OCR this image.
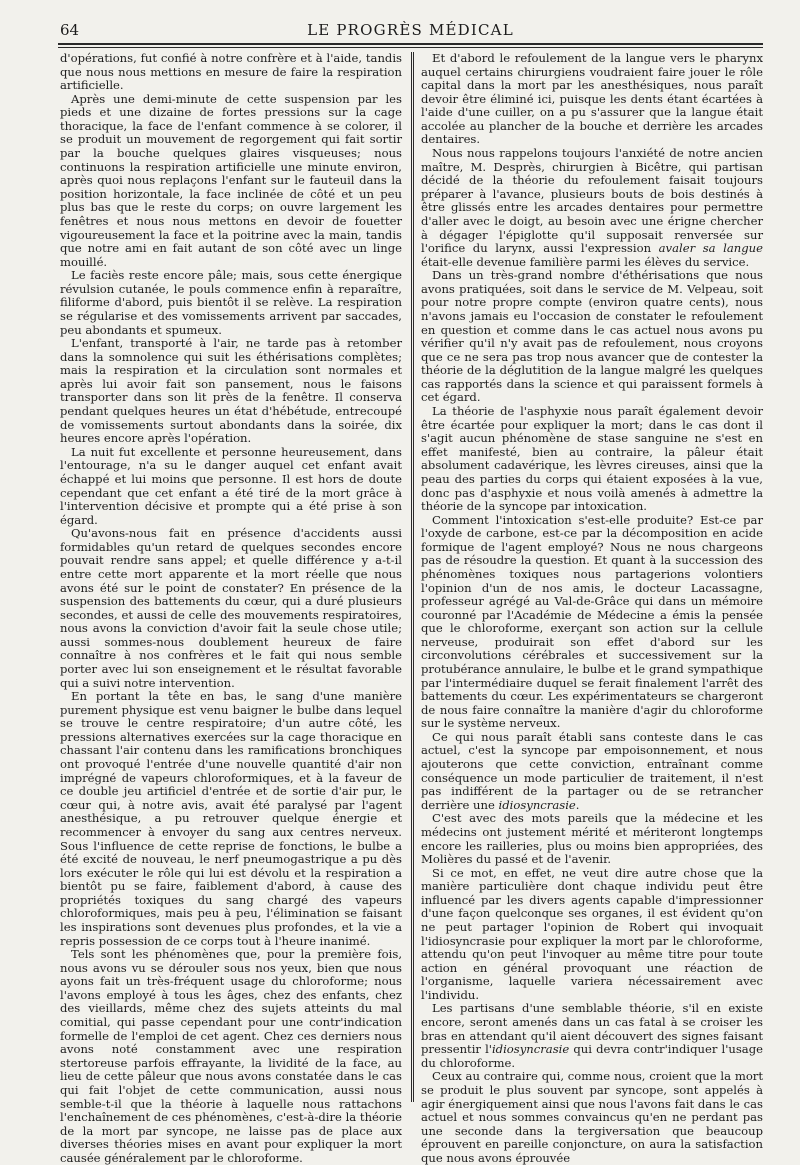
64	LE PROGRÈS MÉDICAL

d'opérations, fut confié à notre confrère et à l'aide, tandis que nous nous mettions en mesure de faire la respiration artificielle.

Après une demi-minute de cette suspension par les pieds et une dizaine de fortes pressions sur la cage thoracique, la face de l'enfant commence à se colorer, il se produit un mouvement de regorgement qui fait sortir par la bouche quelques glaires visqueuses; nous continuons la respiration artificielle une minute environ, après quoi nous replaçons l'enfant sur le fauteuil dans la position horizontale, la face inclinée de côté et un peu plus bas que le reste du corps; on ouvre largement les fenêtres et nous nous mettons en devoir de fouetter vigoureusement la face et la poitrine avec la main, tandis que notre ami en fait autant de son côté avec un linge mouillé.

Le faciès reste encore pâle; mais, sous cette énergique révulsion cutanée, le pouls commence enfin à reparaître, filiforme d'abord, puis bientôt il se relève. La respiration se régularise et des vomissements arrivent par saccades, peu abondants et spumeux.

L'enfant, transporté à l'air, ne tarde pas à retomber dans la somnolence qui suit les éthérisations complètes; mais la respiration et la circulation sont normales et après lui avoir fait son pansement, nous le faisons transporter dans son lit près de la fenêtre. Il conserva pendant quelques heures un état d'hébétude, entrecoupé de vomissements surtout abondants dans la soirée, dix heures encore après l'opération.

La nuit fut excellente et personne heureusement, dans l'entourage, n'a su le danger auquel cet enfant avait échappé et lui moins que personne. Il est hors de doute cependant que cet enfant a été tiré de la mort grâce à l'intervention décisive et prompte qui a été prise à son égard.

Qu'avons-nous fait en présence d'accidents aussi formidables qu'un retard de quelques secondes encore pouvait rendre sans appel; et quelle différence y a-t-il entre cette mort apparente et la mort réelle que nous avons été sur le point de constater? En présence de la suspension des battements du cœur, qui a duré plusieurs secondes, et aussi de celle des mouvements respiratoires, nous avons la conviction d'avoir fait la seule chose utile; aussi sommes-nous doublement heureux de faire connaître à nos confrères et le fait qui nous semble porter avec lui son enseignement et le résultat favorable qui a suivi notre intervention.

En portant la tête en bas, le sang d'une manière purement physique est venu baigner le bulbe dans lequel se trouve le centre respiratoire; d'un autre côté, les pressions alternatives exercées sur la cage thoracique en chassant l'air contenu dans les ramifications bronchiques ont provoqué l'entrée d'une nouvelle quantité d'air non imprégné de vapeurs chloroformiques, et à la faveur de ce double jeu artificiel d'entrée et de sortie d'air pur, le cœur qui, à notre avis, avait été paralysé par l'agent anesthésique, a pu retrouver quelque énergie et recommencer à envoyer du sang aux centres nerveux. Sous l'influence de cette reprise de fonctions, le bulbe a été excité de nouveau, le nerf pneumogastrique a pu dès lors exécuter le rôle qui lui est dévolu et la respiration a bientôt pu se faire, faiblement d'abord, à cause des propriétés toxiques du sang chargé des vapeurs chloroformiques, mais peu à peu, l'élimination se faisant les inspirations sont devenues plus profondes, et la vie a repris possession de ce corps tout à l'heure inanimé.

Tels sont les phénomènes que, pour la première fois, nous avons vu se dérouler sous nos yeux, bien que nous ayons fait un très-fréquent usage du chloroforme; nous l'avons employé à tous les âges, chez des enfants, chez des vieillards, même chez des sujets atteints du mal comitial, qui passe cependant pour une contr'indication formelle de l'emploi de cet agent. Chez ces derniers nous avons noté constamment avec une respiration stertoreuse parfois effrayante, la lividité de la face, au lieu de cette pâleur que nous avons constatée dans le cas qui fait l'objet de cette communication, aussi nous semble-t-il que la théorie à laquelle nous rattachons l'enchaînement de ces phénomènes, c'est-à-dire la théorie de la mort par syncope, ne laisse pas de place aux diverses théories mises en avant pour expliquer la mort causée généralement par le chloroforme.

Et d'abord le refoulement de la langue vers le pharynx auquel certains chirurgiens voudraient faire jouer le rôle capital dans la mort par les anesthésiques, nous paraît devoir être éliminé ici, puisque les dents étant écartées à l'aide d'une cuiller, on a pu s'assurer que la langue était accolée au plancher de la bouche et derrière les arcades dentaires.

Nous nous rappelons toujours l'anxiété de notre ancien maître, M. Desprès, chirurgien à Bicêtre, qui partisan décidé de la théorie du refoulement faisait toujours préparer à l'avance, plusieurs bouts de bois destinés à être glissés entre les arcades dentaires pour permettre d'aller avec le doigt, au besoin avec une érigne chercher à dégager l'épiglotte qu'il supposait renversée sur l'orifice du larynx, aussi l'expression avaler sa langue était-elle devenue familière parmi les élèves du service.

Dans un très-grand nombre d'éthérisations que nous avons pratiquées, soit dans le service de M. Velpeau, soit pour notre propre compte (environ quatre cents), nous n'avons jamais eu l'occasion de constater le refoulement en question et comme dans le cas actuel nous avons pu vérifier qu'il n'y avait pas de refoulement, nous croyons que ce ne sera pas trop nous avancer que de contester la théorie de la déglutition de la langue malgré les quelques cas rapportés dans la science et qui paraissent formels à cet égard.

La théorie de l'asphyxie nous paraît également devoir être écartée pour expliquer la mort; dans le cas dont il s'agit aucun phénomène de stase sanguine ne s'est en effet manifesté, bien au contraire, la pâleur était absolument cadavérique, les lèvres cireuses, ainsi que la peau des parties du corps qui étaient exposées à la vue, donc pas d'asphyxie et nous voilà amenés à admettre la théorie de la syncope par intoxication.

Comment l'intoxication s'est-elle produite? Est-ce par l'oxyde de carbone, est-ce par la décomposition en acide formique de l'agent employé? Nous ne nous chargeons pas de résoudre la question. Et quant à la succession des phénomènes toxiques nous partagerions volontiers l'opinion d'un de nos amis, le docteur Lacassagne, professeur agrégé au Val-de-Grâce qui dans un mémoire couronné par l'Académie de Médecine a émis la pensée que le chloroforme, exerçant son action sur la cellule nerveuse, produirait son effet d'abord sur les circonvolutions cérébrales et successivement sur la protubérance annulaire, le bulbe et le grand sympathique par l'intermédiaire duquel se ferait finalement l'arrêt des battements du cœur. Les expérimentateurs se chargeront de nous faire connaître la manière d'agir du chloroforme sur le système nerveux.

Ce qui nous paraît établi sans conteste dans le cas actuel, c'est la syncope par empoisonnement, et nous ajouterons que cette conviction, entraînant comme conséquence un mode particulier de traitement, il n'est pas indifférent de la partager ou de se retrancher derrière une idiosyncrasie.

C'est avec des mots pareils que la médecine et les médecins ont justement mérité et mériteront longtemps encore les railleries, plus ou moins bien appropriées, des Molières du passé et de l'avenir.

Si ce mot, en effet, ne veut dire autre chose que la manière particulière dont chaque individu peut être influencé par les divers agents capable d'impressionner d'une façon quelconque ses organes, il est évident qu'on ne peut partager l'opinion de Robert qui invoquait l'idiosyncrasie pour expliquer la mort par le chloroforme, attendu qu'on peut l'invoquer au même titre pour toute action en général provoquant une réaction de l'organisme, laquelle variera nécessairement avec l'individu.

Les partisans d'une semblable théorie, s'il en existe encore, seront amenés dans un cas fatal à se croiser les bras en attendant qu'il aient découvert des signes faisant pressentir l'idiosyncrasie qui devra contr'indiquer l'usage du chloroforme.

Ceux au contraire qui, comme nous, croient que la mort se produit le plus souvent par syncope, sont appelés à agir énergiquement ainsi que nous l'avons fait dans le cas actuel et nous sommes convaincus qu'en ne perdant pas une seconde dans la tergiversation que beaucoup éprouvent en pareille conjoncture, on aura la satisfaction que nous avons éprouvée
